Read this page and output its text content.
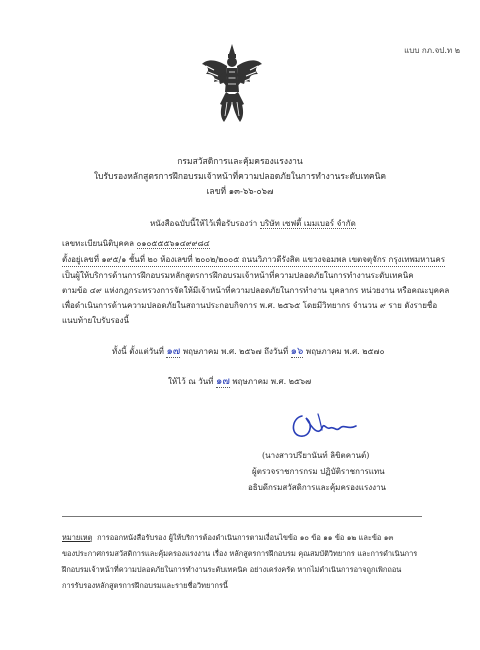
แบบ กภ.จป.ท ๒
กรมสวัสดิการและคุ้มครองแรงงาน
ใบรับรองหลักสูตรการฝึกอบรมเจ้าหน้าที่ความปลอดภัยในการทำงานระดับเทคนิค
เลขที่ ๑๓-๖๖-๐๖๗
หนังสือฉบับนี้ให้ไว้เพื่อรับรองว่า บริษัท เซฟตี้ เมมเบอร์ จำกัด
เลขทะเบียนนิติบุคคล ๐๑๐๕๕๕๖๑๔๙๙๘๔
ตั้งอยู่เลขที่ ๑๙๕/๑ ชั้นที่ ๒๐ ห้องเลขที่ ๒๐๐๒/๒๐๐๕ ถนนวิภาวดีรังสิต แขวงจอมพล เขตจตุจักร กรุงเทพมหานคร
เป็นผู้ให้บริการด้านการฝึกอบรมหลักสูตรการฝึกอบรมเจ้าหน้าที่ความปลอดภัยในการทำงานระดับเทคนิค
ตามข้อ ๔๙ แห่งกฎกระทรวงการจัดให้มีเจ้าหน้าที่ความปลอดภัยในการทำงาน บุคลากร หน่วยงาน หรือคณะบุคคล
เพื่อดำเนินการด้านความปลอดภัยในสถานประกอบกิจการ พ.ศ. ๒๕๖๕ โดยมีวิทยากร จำนวน ๙ ราย ดังรายชื่อ
แนบท้ายใบรับรองนี้
ทั้งนี้ ตั้งแต่วันที่ ๑๗ พฤษภาคม พ.ศ. ๒๕๖๗ ถึงวันที่ ๑๖ พฤษภาคม พ.ศ. ๒๕๗๐
ให้ไว้ ณ วันที่ ๑๗ พฤษภาคม พ.ศ. ๒๕๖๗
(นางสาวปรียานันท์ ลิขิตคานต์)
ผู้ตรวจราชการกรม ปฏิบัติราชการแทน
อธิบดีกรมสวัสดิการและคุ้มครองแรงงาน
หมายเหตุ การออกหนังสือรับรอง ผู้ให้บริการต้องดำเนินการตามเงื่อนไขข้อ ๑๐ ข้อ ๑๑ ข้อ ๑๒ และข้อ ๑๓
ของประกาศกรมสวัสดิการและคุ้มครองแรงงาน เรื่อง หลักสูตรการฝึกอบรม คุณสมบัติวิทยากร และการดำเนินการ
ฝึกอบรมเจ้าหน้าที่ความปลอดภัยในการทำงานระดับเทคนิค อย่างเคร่งครัด หากไม่ดำเนินการอาจถูกเพิกถอน
การรับรองหลักสูตรการฝึกอบรมและรายชื่อวิทยากรนี้
